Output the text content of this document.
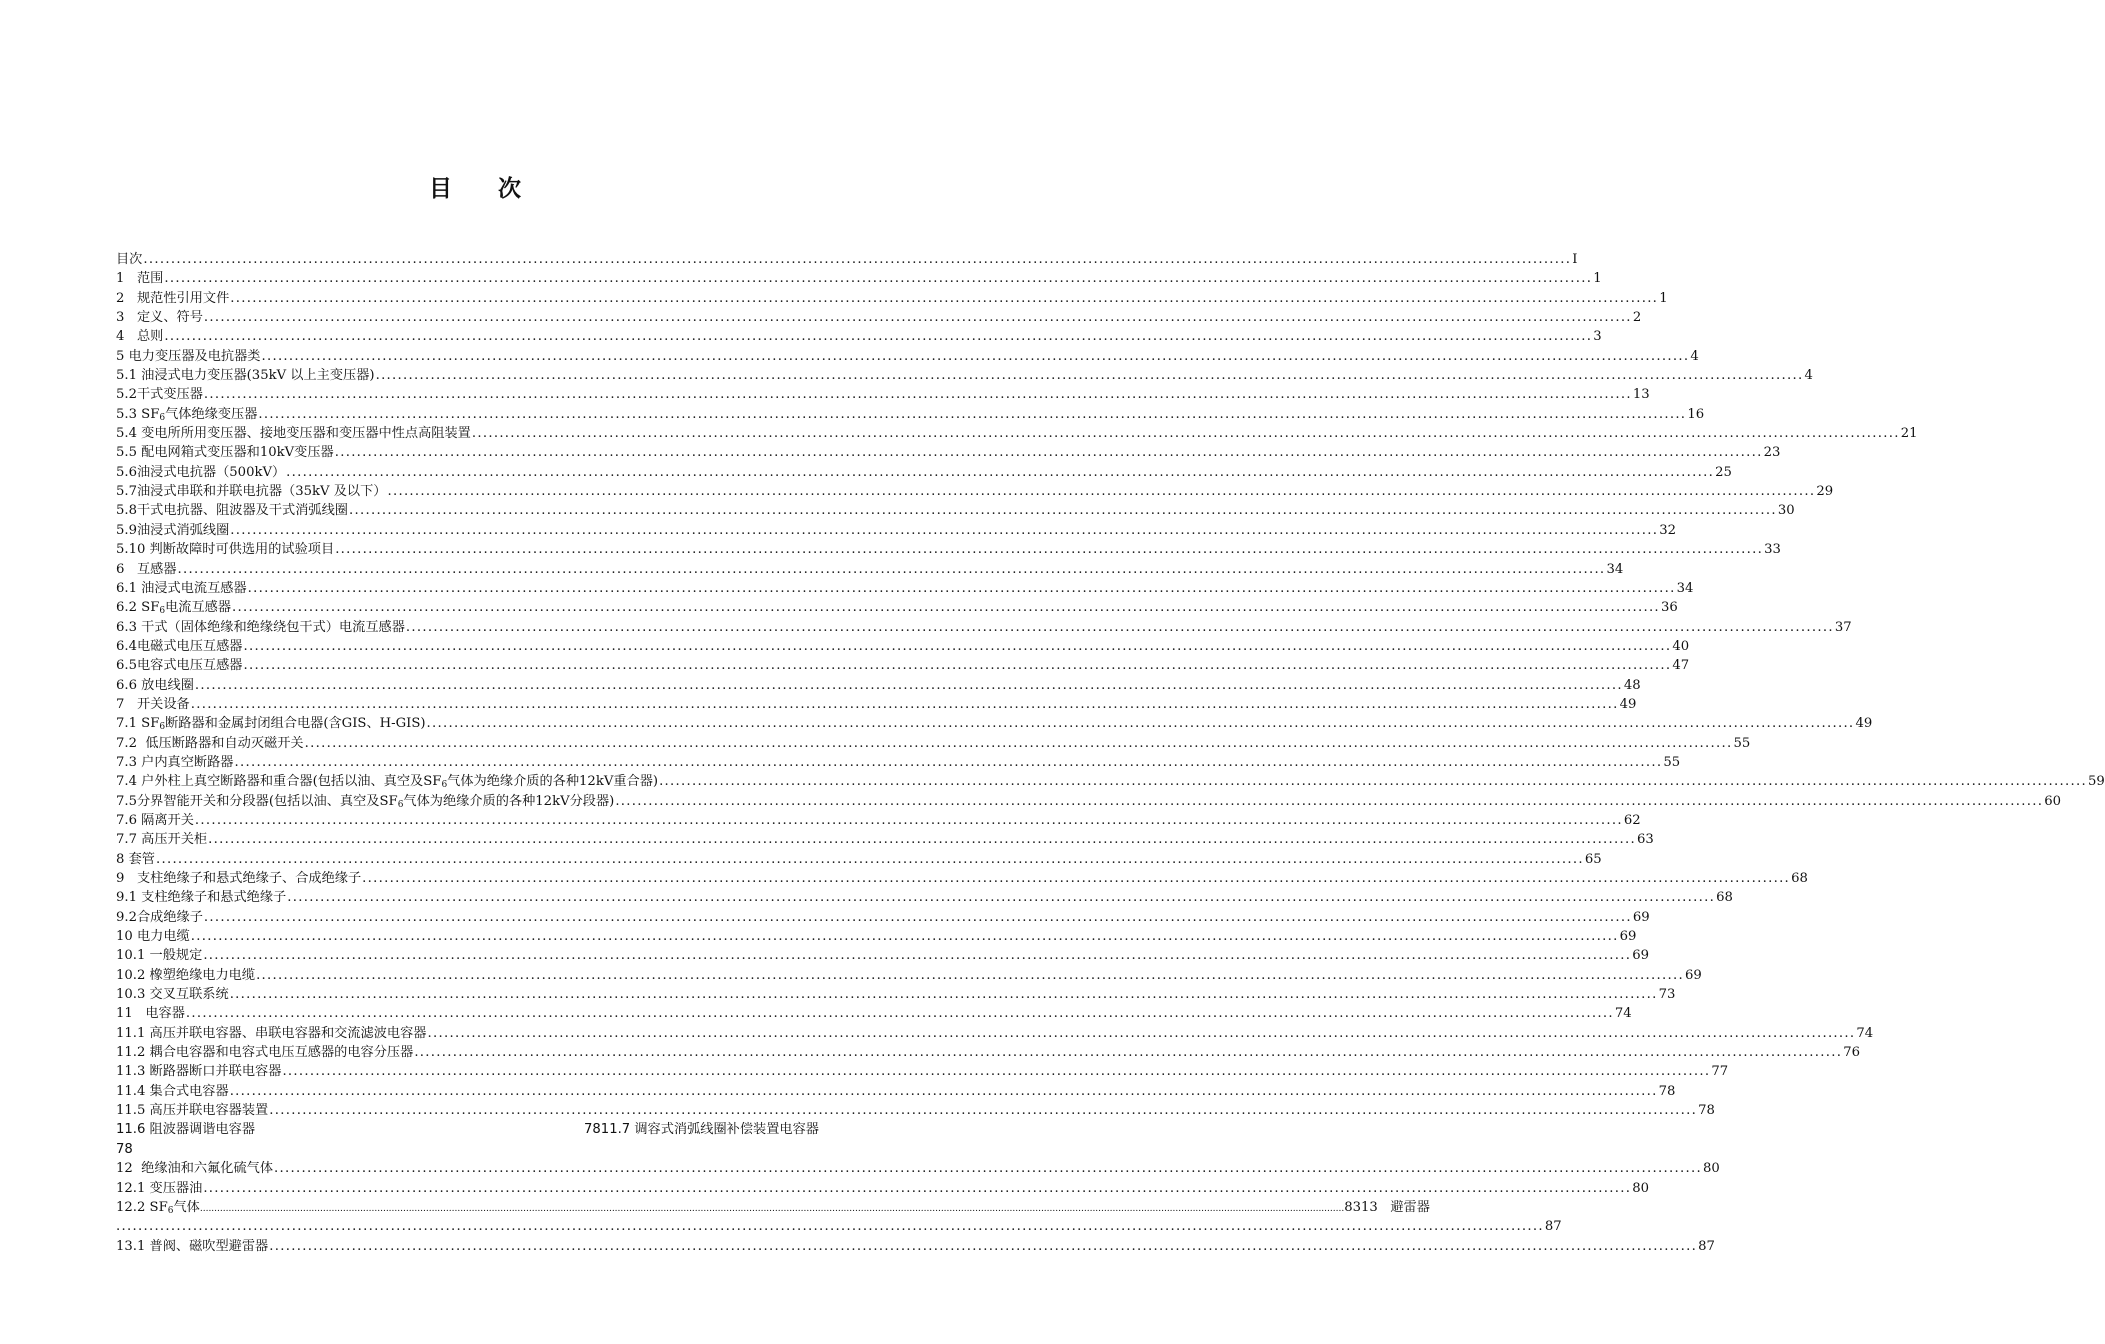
目 次
目次 .................................................................................................................................................................................................................................................................... I
1   范围 .................................................................................................................................................................................................................................................................... 1
2   规范性引用文件 .................................................................................................................................................................................................................................................................... 1
3   定义、符号 .................................................................................................................................................................................................................................................................... 2
4   总则 .................................................................................................................................................................................................................................................................... 3
5 电力变压器及电抗器类 .................................................................................................................................................................................................................................................................... 4
5.1 油浸式电力变压器(35kV 以上主变压器) .................................................................................................................................................................................................................................................................... 4
5.2干式变压器 .................................................................................................................................................................................................................................................................... 13
5.3 $SF_6$气体绝缘变压器 .................................................................................................................................................................................................................................................................... 16
5.4 变电所所用变压器、接地变压器和变压器中性点高阻装置 .................................................................................................................................................................................................................................................................... 21
5.5 配电网箱式变压器和10kV变压器 .................................................................................................................................................................................................................................................................... 23
5.6油浸式电抗器（500kV） .................................................................................................................................................................................................................................................................... 25
5.7油浸式串联和并联电抗器（35kV 及以下） .................................................................................................................................................................................................................................................................... 29
5.8干式电抗器、阻波器及干式消弧线圈 .................................................................................................................................................................................................................................................................... 30
5.9油浸式消弧线圈 .................................................................................................................................................................................................................................................................... 32
5.10 判断故障时可供选用的试验项目 .................................................................................................................................................................................................................................................................... 33
6   互感器 .................................................................................................................................................................................................................................................................... 34
6.1 油浸式电流互感器 .................................................................................................................................................................................................................................................................... 34
6.2 $SF_6$电流互感器 .................................................................................................................................................................................................................................................................... 36
6.3 干式（固体绝缘和绝缘绕包干式）电流互感器 .................................................................................................................................................................................................................................................................... 37
6.4电磁式电压互感器 .................................................................................................................................................................................................................................................................... 40
6.5电容式电压互感器 .................................................................................................................................................................................................................................................................... 47
6.6 放电线圈 .................................................................................................................................................................................................................................................................... 48
7   开关设备 .................................................................................................................................................................................................................................................................... 49
7.1 $SF_6$断路器和金属封闭组合电器(含GIS、H-GIS) .................................................................................................................................................................................................................................................................... 49
7.2  低压断路器和自动灭磁开关 .................................................................................................................................................................................................................................................................... 55
7.3 户内真空断路器 .................................................................................................................................................................................................................................................................... 55
7.4 户外柱上真空断路器和重合器(包括以油、真空及$SF_6$气体为绝缘介质的各种12kV重合器) .................................................................................................................................................................................................................................................................... 59
7.5分界智能开关和分段器(包括以油、真空及$SF_6$气体为绝缘介质的各种12kV分段器) .................................................................................................................................................................................................................................................................... 60
7.6 隔离开关 .................................................................................................................................................................................................................................................................... 62
7.7 高压开关柜 .................................................................................................................................................................................................................................................................... 63
8 套管 .................................................................................................................................................................................................................................................................... 65
9   支柱绝缘子和悬式绝缘子、合成绝缘子 .................................................................................................................................................................................................................................................................... 68
9.1 支柱绝缘子和悬式绝缘子 .................................................................................................................................................................................................................................................................... 68
9.2合成绝缘子 .................................................................................................................................................................................................................................................................... 69
10 电力电缆 .................................................................................................................................................................................................................................................................... 69
10.1 一般规定 .................................................................................................................................................................................................................................................................... 69
10.2 橡塑绝缘电力电缆 .................................................................................................................................................................................................................................................................... 69
10.3 交叉互联系统 .................................................................................................................................................................................................................................................................... 73
11   电容器 .................................................................................................................................................................................................................................................................... 74
11.1 高压并联电容器、串联电容器和交流滤波电容器 .................................................................................................................................................................................................................................................................... 74
11.2 耦合电容器和电容式电压互感器的电容分压器 .................................................................................................................................................................................................................................................................... 76
11.3 断路器断口并联电容器 .................................................................................................................................................................................................................................................................... 77
11.4 集合式电容器 .................................................................................................................................................................................................................................................................... 78
11.5 高压并联电容器装置 .................................................................................................................................................................................................................................................................... 78
11.6 阻波器调谐电容器	7811.7 调容式消弧线圈补偿装置电容器
78
12  绝缘油和六氟化硫气体 .................................................................................................................................................................................................................................................................... 80
12.1 变压器油 .................................................................................................................................................................................................................................................................... 80
12.2 $SF_6$气体 ................................................................................................................................................................................................................................................................................................................................................................................................................ 8313   避雷器
.................................................................................................................................................................................................................................................................... 87
13.1 普阀、磁吹型避雷器 .................................................................................................................................................................................................................................................................... 87
